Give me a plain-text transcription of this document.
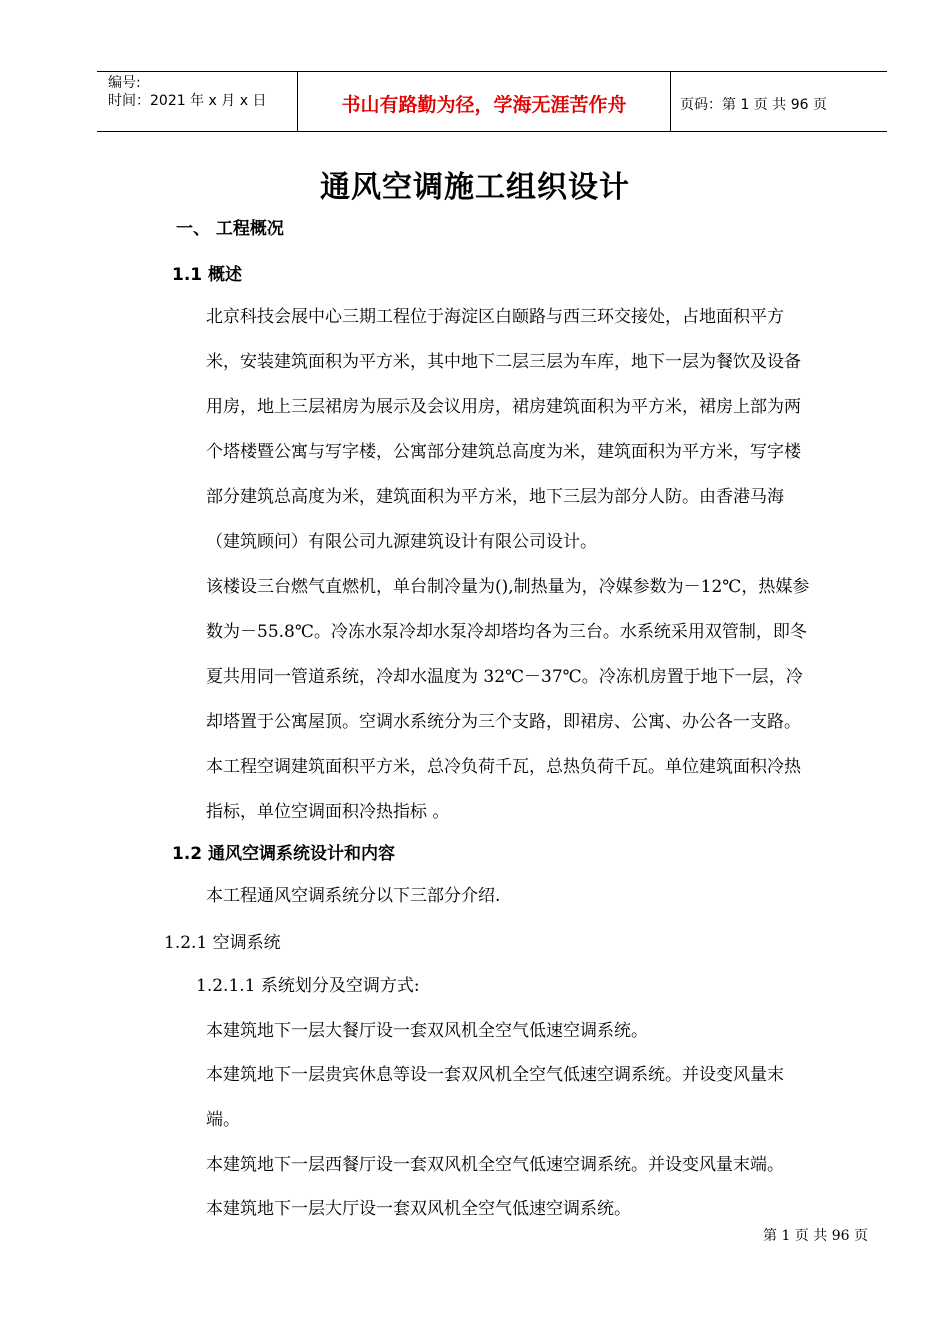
编号:
时间：2021 年 x 月 x 日	书山有路勤为径，学海无涯苦作舟	页码：第 1 页 共 96 页
通风空调施工组织设计
一、 工程概况
1.1 概述
北京科技会展中心三期工程位于海淀区白颐路与西三环交接处，占地面积平方
米，安装建筑面积为平方米，其中地下二层三层为车库，地下一层为餐饮及设备
用房，地上三层裙房为展示及会议用房，裙房建筑面积为平方米，裙房上部为两
个塔楼暨公寓与写字楼，公寓部分建筑总高度为米，建筑面积为平方米，写字楼
部分建筑总高度为米，建筑面积为平方米，地下三层为部分人防。由香港马海
（建筑顾问）有限公司九源建筑设计有限公司设计。
该楼设三台燃气直燃机，单台制冷量为(),制热量为，冷媒参数为－12℃，热媒参
数为－55.8℃。冷冻水泵冷却水泵冷却塔均各为三台。水系统采用双管制，即冬
夏共用同一管道系统，冷却水温度为 32℃－37℃。冷冻机房置于地下一层，冷
却塔置于公寓屋顶。空调水系统分为三个支路，即裙房、公寓、办公各一支路。
本工程空调建筑面积平方米，总冷负荷千瓦，总热负荷千瓦。单位建筑面积冷热
指标，单位空调面积冷热指标 。
1.2 通风空调系统设计和内容
本工程通风空调系统分以下三部分介绍.
1.2.1 空调系统
1.2.1.1 系统划分及空调方式:
本建筑地下一层大餐厅设一套双风机全空气低速空调系统。
本建筑地下一层贵宾休息等设一套双风机全空气低速空调系统。并设变风量末
端。
本建筑地下一层西餐厅设一套双风机全空气低速空调系统。并设变风量末端。
本建筑地下一层大厅设一套双风机全空气低速空调系统。
第 1 页 共 96 页
